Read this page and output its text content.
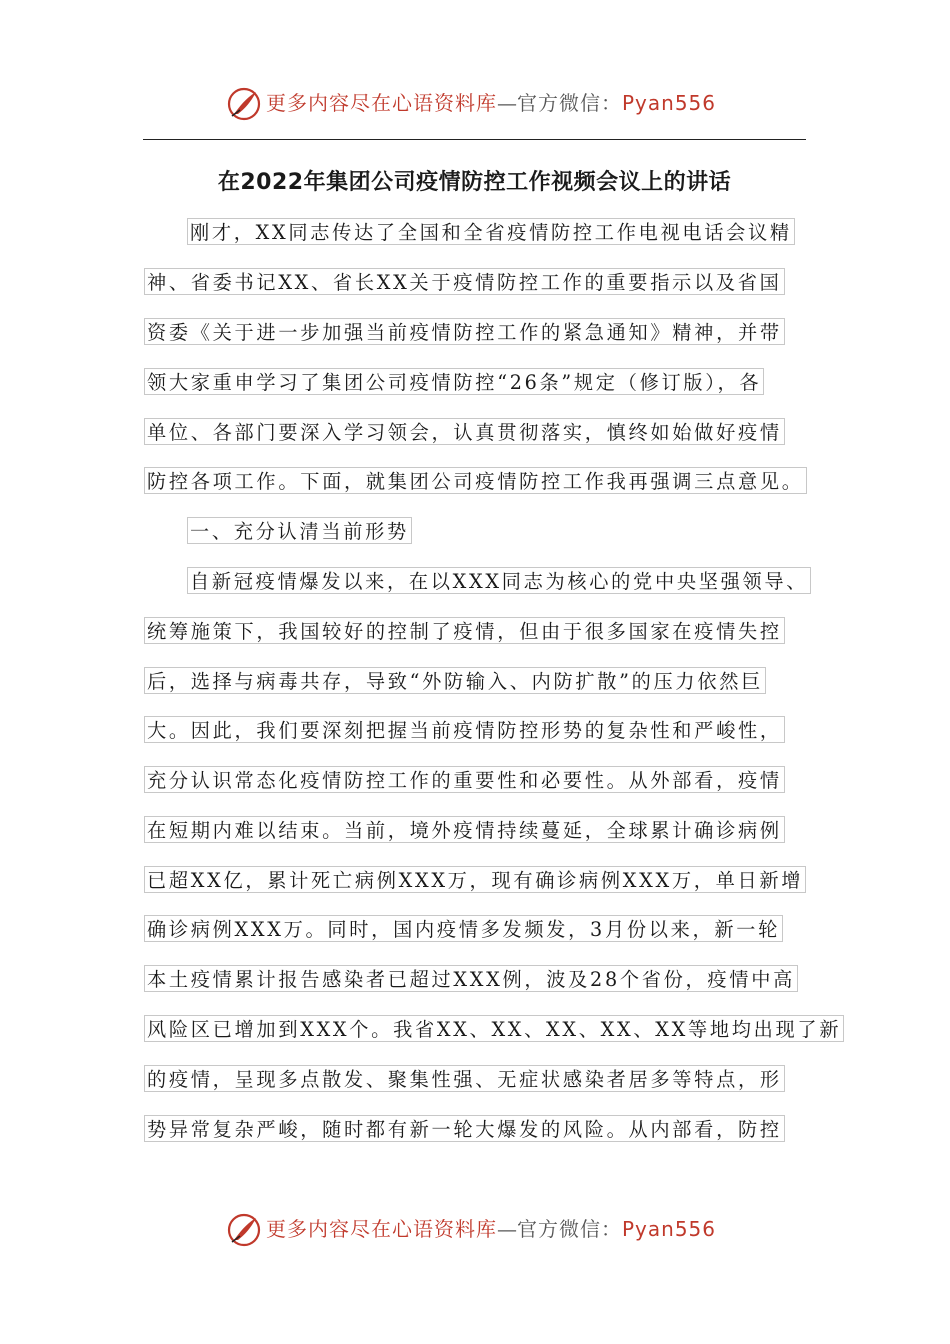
更多内容尽在心语资料库—官方微信：Pyan556
在2022年集团公司疫情防控工作视频会议上的讲话
刚才，XX同志传达了全国和全省疫情防控工作电视电话会议精
神、省委书记XX、省长XX关于疫情防控工作的重要指示以及省国
资委《关于进一步加强当前疫情防控工作的紧急通知》精神，并带
领大家重申学习了集团公司疫情防控“26条”规定（修订版），各
单位、各部门要深入学习领会，认真贯彻落实，慎终如始做好疫情
防控各项工作。下面，就集团公司疫情防控工作我再强调三点意见。
一、充分认清当前形势
自新冠疫情爆发以来，在以XXX同志为核心的党中央坚强领导、
统筹施策下，我国较好的控制了疫情，但由于很多国家在疫情失控
后，选择与病毒共存，导致“外防输入、内防扩散”的压力依然巨
大。因此，我们要深刻把握当前疫情防控形势的复杂性和严峻性，
充分认识常态化疫情防控工作的重要性和必要性。从外部看，疫情
在短期内难以结束。当前，境外疫情持续蔓延，全球累计确诊病例
已超XX亿，累计死亡病例XXX万，现有确诊病例XXX万，单日新增
确诊病例XXX万。同时，国内疫情多发频发，3月份以来，新一轮
本土疫情累计报告感染者已超过XXX例，波及28个省份，疫情中高
风险区已增加到XXX个。我省XX、XX、XX、XX、XX等地均出现了新
的疫情，呈现多点散发、聚集性强、无症状感染者居多等特点，形
势异常复杂严峻，随时都有新一轮大爆发的风险。从内部看，防控
更多内容尽在心语资料库—官方微信：Pyan556
